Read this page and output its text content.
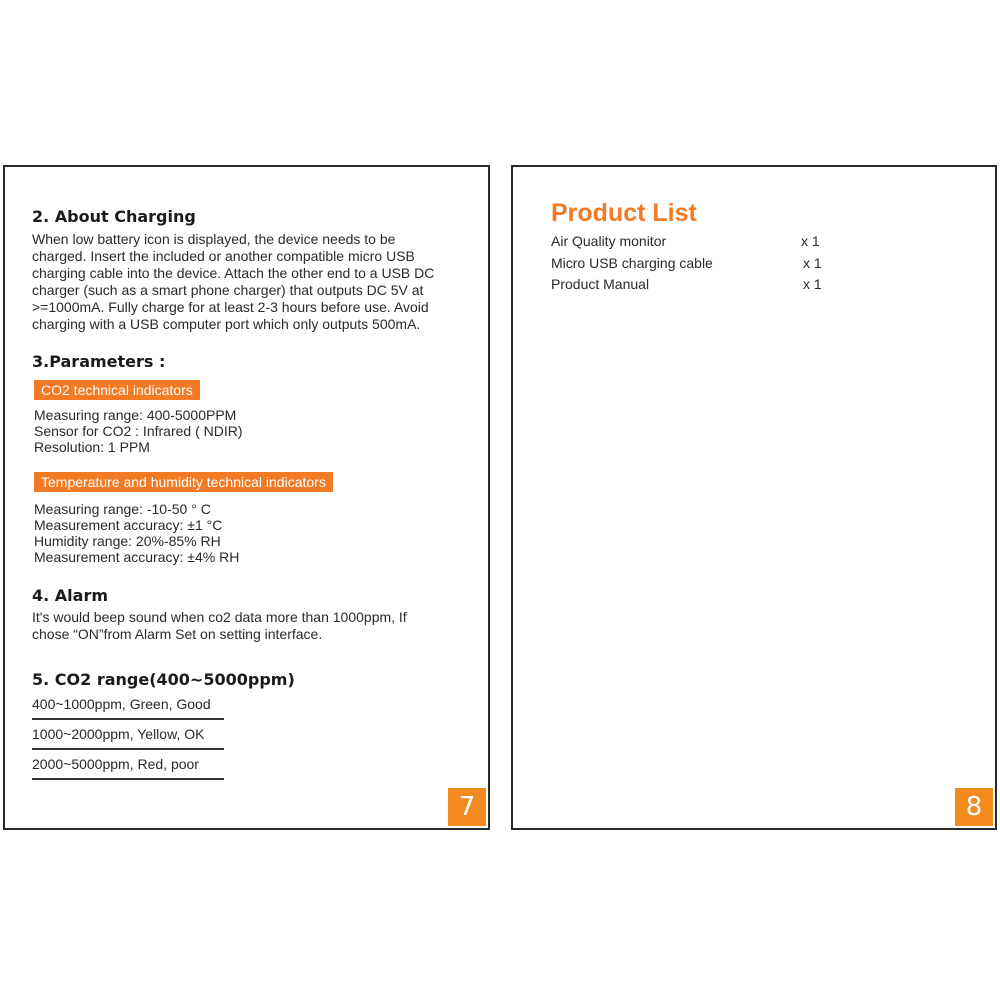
2. About Charging
When low battery icon is displayed, the device needs to be
charged. Insert the included or another compatible micro USB
charging cable into the device. Attach the other end to a USB DC
charger (such as a smart phone charger) that outputs DC 5V at
>=1000mA. Fully charge for at least 2-3 hours before use. Avoid
charging with a USB computer port which only outputs 500mA.
3.Parameters :
CO2 technical indicators
Measuring range: 400-5000PPM
Sensor for CO2 : Infrared ( NDIR)
Resolution: 1 PPM
Temperature and humidity technical indicators
Measuring range: -10-50 ° C
Measurement accuracy: ±1 °C
Humidity range: 20%-85% RH
Measurement accuracy: ±4% RH
4. Alarm
It's would beep sound when co2 data more than 1000ppm, If
chose “ON”from Alarm Set on setting interface.
5. CO2 range(400~5000ppm)
400~1000ppm, Green, Good
1000~2000ppm, Yellow, OK
2000~5000ppm, Red, poor
7
Product List
Air Quality monitor	x 1
Micro USB charging cable	x 1
Product Manual	x 1
8
